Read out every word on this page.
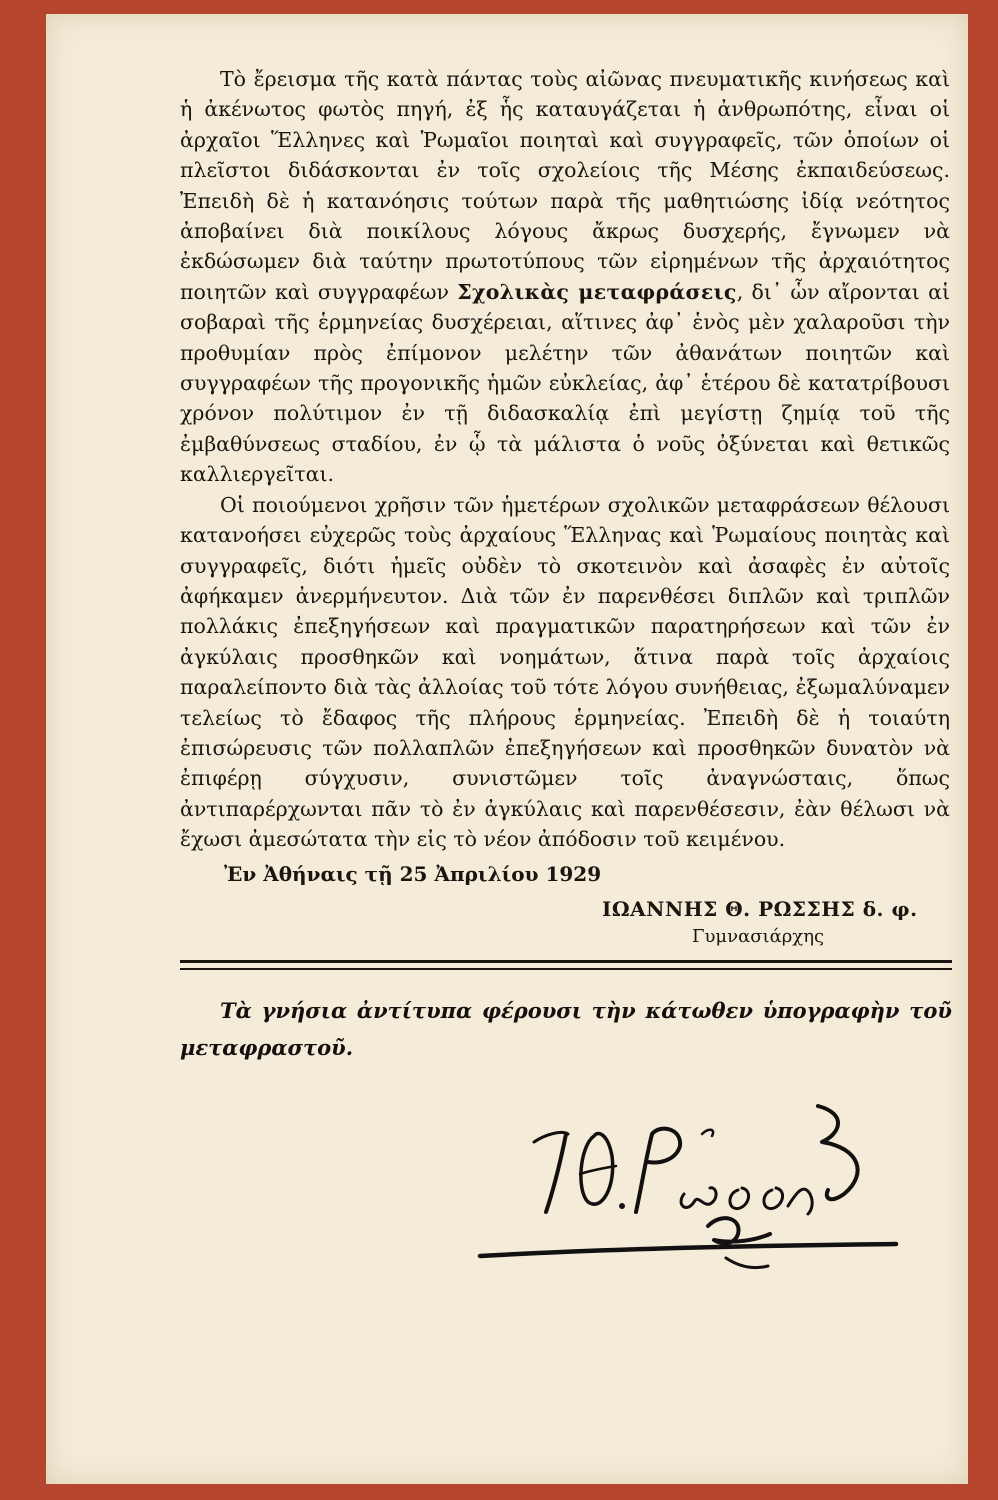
Τὸ ἔρεισμα τῆς κατὰ πάντας τοὺς αἰῶνας πνευματικῆς κινήσεως καὶ ἡ ἀκένωτος φωτὸς πηγή, ἐξ ἧς καταυγάζεται ἡ ἀνθρωπότης, εἶναι οἱ ἀρχαῖοι Ἕλληνες καὶ Ῥωμαῖοι ποιηταὶ καὶ συγγραφεῖς, τῶν ὁποίων οἱ πλεῖστοι διδάσκονται ἐν τοῖς σχολείοις τῆς Μέσης ἐκπαιδεύσεως. Ἐπειδὴ δὲ ἡ κατανόησις τούτων παρὰ τῆς μαθητιώσης ἰδίᾳ νεότητος ἀποβαίνει διὰ ποικίλους λόγους ἄκρως δυσχερής, ἔγνωμεν νὰ ἐκδώσωμεν διὰ ταύτην πρωτοτύπους τῶν εἰρημένων τῆς ἀρχαιότητος ποιητῶν καὶ συγγραφέων Σχολικὰς μεταφράσεις, δι᾽ ὧν αἴρονται αἱ σοβαραὶ τῆς ἑρμηνείας δυσχέρειαι, αἵτινες ἀφ᾽ ἑνὸς μὲν χαλαροῦσι τὴν προθυμίαν πρὸς ἐπίμονον μελέτην τῶν ἀθανάτων ποιητῶν καὶ συγγραφέων τῆς προγονικῆς ἡμῶν εὐκλείας, ἀφ᾽ ἑτέρου δὲ κατατρίβουσι χρόνον πολύτιμον ἐν τῇ διδασκαλίᾳ ἐπὶ μεγίστῃ ζημίᾳ τοῦ τῆς ἐμβαθύνσεως σταδίου, ἐν ᾧ τὰ μάλιστα ὁ νοῦς ὀξύνεται καὶ θετικῶς καλλιεργεῖται.

Οἱ ποιούμενοι χρῆσιν τῶν ἡμετέρων σχολικῶν μεταφράσεων θέλουσι κατανοήσει εὐχερῶς τοὺς ἀρχαίους Ἕλληνας καὶ Ῥωμαίους ποιητὰς καὶ συγγραφεῖς, διότι ἡμεῖς οὐδὲν τὸ σκοτεινὸν καὶ ἀσαφὲς ἐν αὐτοῖς ἀφήκαμεν ἀνερμήνευτον. Διὰ τῶν ἐν παρενθέσει διπλῶν καὶ τριπλῶν πολλάκις ἐπεξηγήσεων καὶ πραγματικῶν παρατηρήσεων καὶ τῶν ἐν ἀγκύλαις προσθηκῶν καὶ νοημάτων, ἅτινα παρὰ τοῖς ἀρχαίοις παραλείποντο διὰ τὰς ἀλλοίας τοῦ τότε λόγου συνήθειας, ἐξωμαλύναμεν τελείως τὸ ἔδαφος τῆς πλήρους ἑρμηνείας. Ἐπειδὴ δὲ ἡ τοιαύτη ἐπισώρευσις τῶν πολλαπλῶν ἐπεξηγήσεων καὶ προσθηκῶν δυνατὸν νὰ ἐπιφέρῃ σύγχυσιν, συνιστῶμεν τοῖς ἀναγνώσταις, ὅπως ἀντιπαρέρχωνται πᾶν τὸ ἐν ἀγκύλαις καὶ παρενθέσεσιν, ἐὰν θέλωσι νὰ ἔχωσι ἀμεσώτατα τὴν εἰς τὸ νέον ἀπόδοσιν τοῦ κειμένου.

Ἐν Ἀθήναις τῇ 25 Ἀπριλίου 1929
ΙΩΑΝΝΗΣ Θ. ΡΩΣΣΗΣ δ. φ.
Γυμνασιάρχης

Τὰ γνήσια ἀντίτυπα φέρουσι τὴν κάτωθεν ὑπογραφὴν τοῦ μεταφραστοῦ.
